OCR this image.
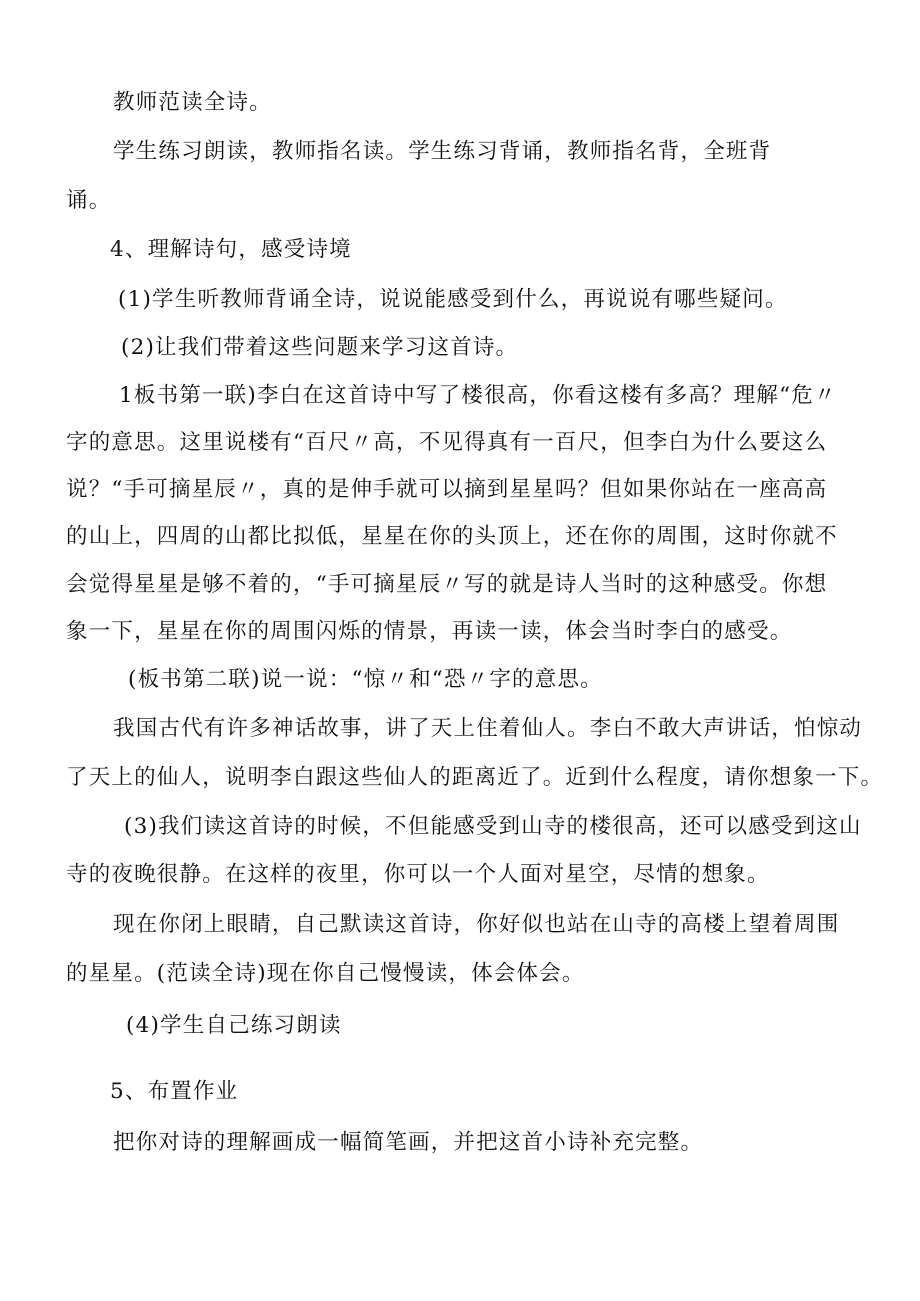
教师范读全诗。
学生练习朗读，教师指名读。学生练习背诵，教师指名背，全班背
诵。
4、理解诗句，感受诗境
(1)学生听教师背诵全诗，说说能感受到什么，再说说有哪些疑问。
(2)让我们带着这些问题来学习这首诗。
1板书第一联)李白在这首诗中写了楼很高，你看这楼有多高？理解“危〃
字的意思。这里说楼有“百尺〃高，不见得真有一百尺，但李白为什么要这么
说？“手可摘星辰〃，真的是伸手就可以摘到星星吗？但如果你站在一座高高
的山上，四周的山都比拟低，星星在你的头顶上，还在你的周围，这时你就不
会觉得星星是够不着的，“手可摘星辰〃写的就是诗人当时的这种感受。你想
象一下，星星在你的周围闪烁的情景，再读一读，体会当时李白的感受。
(板书第二联)说一说：“惊〃和“恐〃字的意思。
我国古代有许多神话故事，讲了天上住着仙人。李白不敢大声讲话，怕惊动
了天上的仙人，说明李白跟这些仙人的距离近了。近到什么程度，请你想象一下。
(3)我们读这首诗的时候，不但能感受到山寺的楼很高，还可以感受到这山
寺的夜晚很静。在这样的夜里，你可以一个人面对星空，尽情的想象。
现在你闭上眼睛，自己默读这首诗，你好似也站在山寺的高楼上望着周围
的星星。(范读全诗)现在你自己慢慢读，体会体会。
(4)学生自己练习朗读
5、布置作业
把你对诗的理解画成一幅简笔画，并把这首小诗补充完整。
